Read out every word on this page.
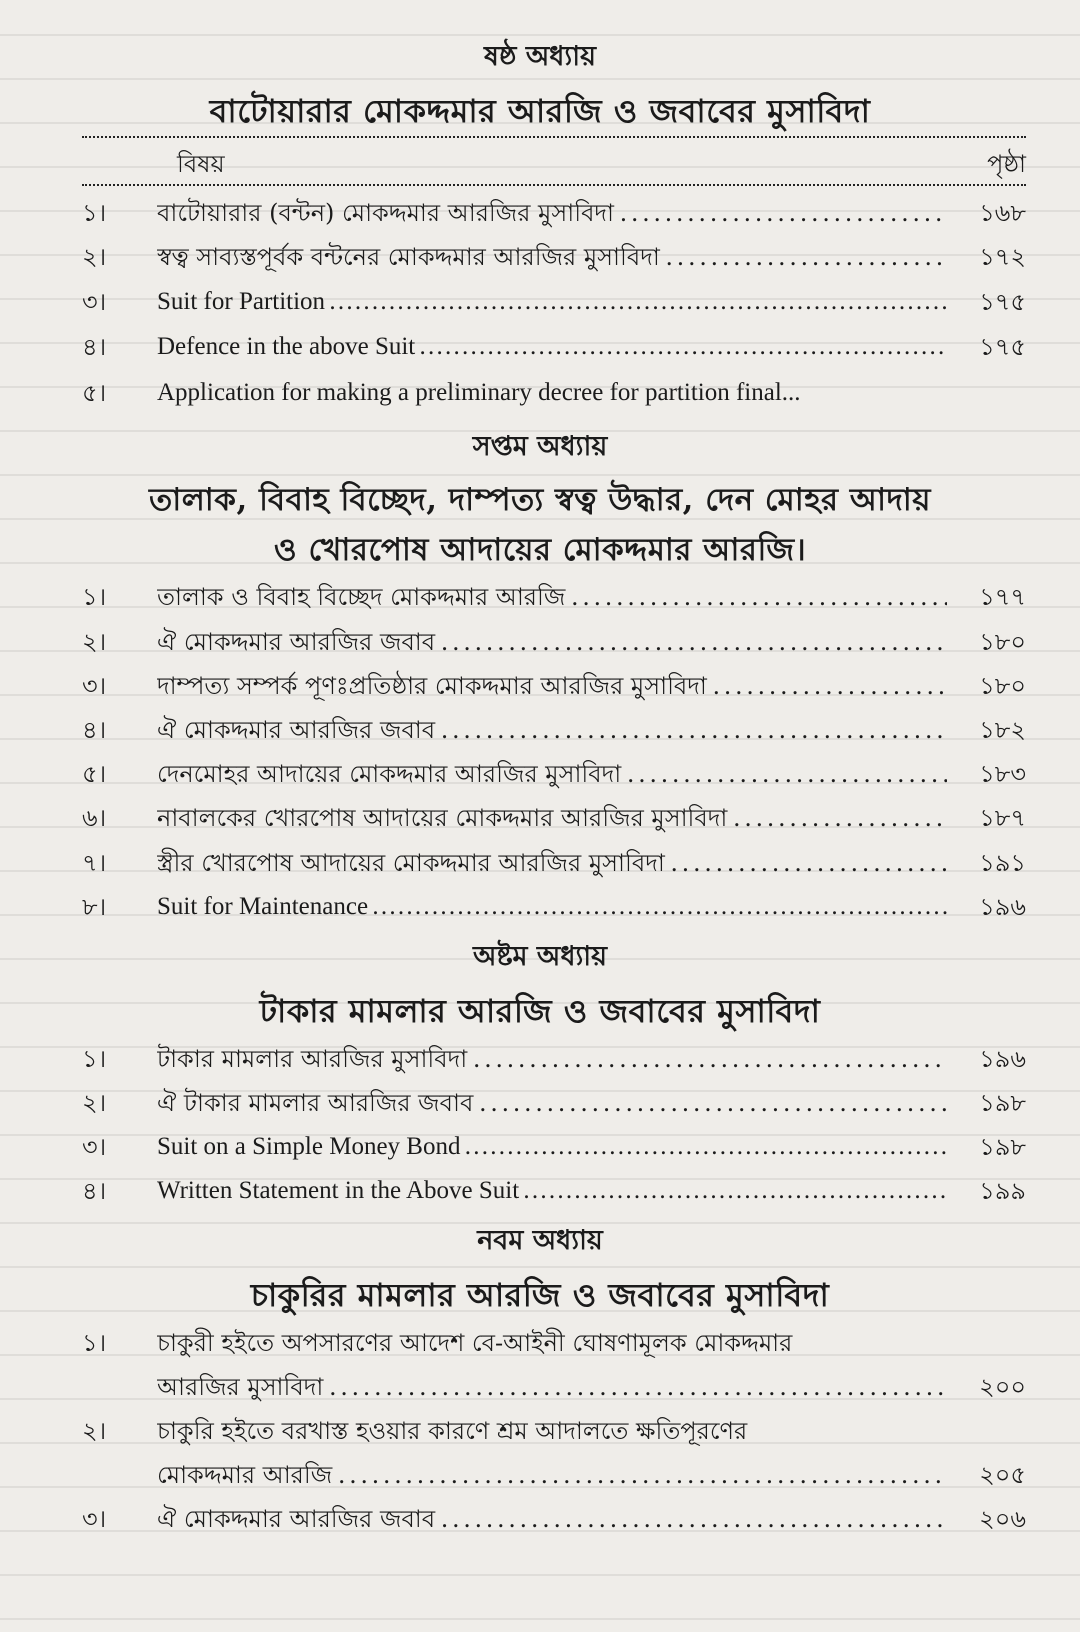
ষষ্ঠ অধ্যায়
বাটোয়ারার মোকদ্দমার আরজি ও জবাবের মুসাবিদা
বিষয়	পৃষ্ঠা
১।	বাটোয়ারার (বন্টন) মোকদ্দমার আরজির মুসাবিদা . . .	১৬৮
২।	স্বত্ব সাব্যস্তপূর্বক বন্টনের মোকদ্দমার আরজির মুসাবিদা . . .	১৭২
৩।	Suit for Partition . . .	১৭৫
৪।	Defence in the above Suit . . .	১৭৫
৫।	Application for making a preliminary decree for partition final...
সপ্তম অধ্যায়
তালাক, বিবাহ বিচ্ছেদ, দাম্পত্য স্বত্ব উদ্ধার, দেন মোহর আদায়
ও খোরপোষ আদায়ের মোকদ্দমার আরজি।
১।	তালাক ও বিবাহ বিচ্ছেদ মোকদ্দমার আরজি . . .	১৭৭
২।	ঐ মোকদ্দমার আরজির জবাব . . .	১৮০
৩।	দাম্পত্য সম্পর্ক পূণঃপ্রতিষ্ঠার মোকদ্দমার আরজির মুসাবিদা . . .	১৮০
৪।	ঐ মোকদ্দমার আরজির জবাব . . .	১৮২
৫।	দেনমোহর আদায়ের মোকদ্দমার আরজির মুসাবিদা . . .	১৮৩
৬।	নাবালকের খোরপোষ আদায়ের মোকদ্দমার আরজির মুসাবিদা . . .	১৮৭
৭।	স্ত্রীর খোরপোষ আদায়ের মোকদ্দমার আরজির মুসাবিদা . . .	১৯১
৮।	Suit for Maintenance . . .	১৯৬
অষ্টম অধ্যায়
টাকার মামলার আরজি ও জবাবের মুসাবিদা
১।	টাকার মামলার আরজির মুসাবিদা . . .	১৯৬
২।	ঐ টাকার মামলার আরজির জবাব . . .	১৯৮
৩।	Suit on a Simple Money Bond . . .	১৯৮
৪।	Written Statement in the Above Suit . . .	১৯৯
নবম অধ্যায়
চাকুরির মামলার আরজি ও জবাবের মুসাবিদা
১।	চাকুরী হইতে অপসারণের আদেশ বে-আইনী ঘোষণামূলক মোকদ্দমার
আরজির মুসাবিদা . . .	২০০
২।	চাকুরি হইতে বরখাস্ত হওয়ার কারণে শ্রম আদালতে ক্ষতিপূরণের
মোকদ্দমার আরজি . . .	২০৫
৩।	ঐ মোকদ্দমার আরজির জবাব . . .	২০৬
